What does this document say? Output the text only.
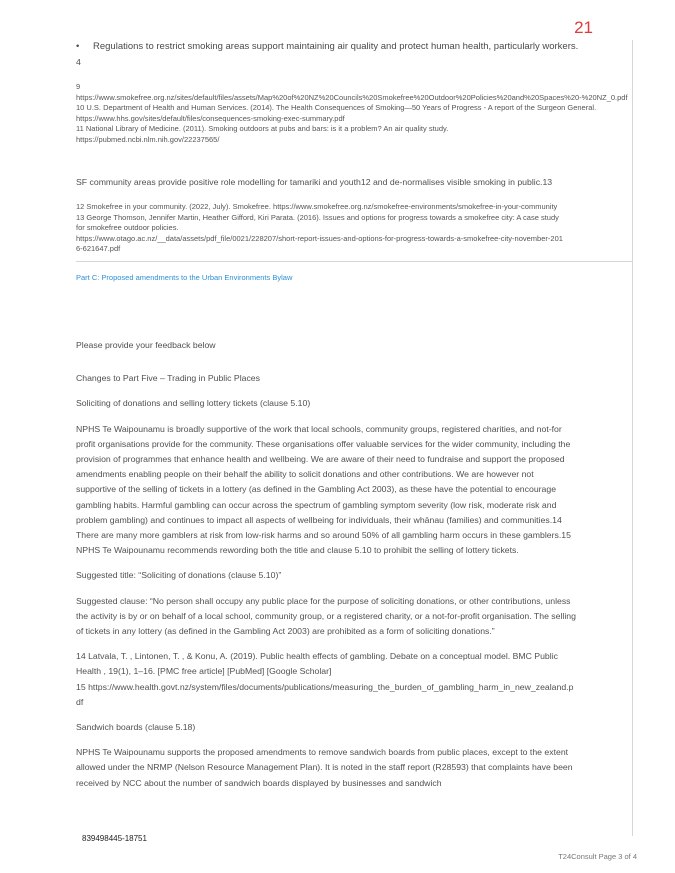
21
•	Regulations to restrict smoking areas support maintaining air quality and protect human health, particularly workers.
4

9

https://www.smokefree.org.nz/sites/default/files/assets/Map%20of%20NZ%20Councils%20Smokefree%20Outdoor%20Policies%20and%20Spaces%20-%20NZ_0.pdf

10 U.S. Department of Health and Human Services. (2014). The Health Consequences of Smoking—50 Years of Progress - A report of the Surgeon General. https://www.hhs.gov/sites/default/files/consequences-smoking-exec-summary.pdf

11 National Library of Medicine. (2011). Smoking outdoors at pubs and bars: is it a problem? An air quality study.

https://pubmed.ncbi.nlm.nih.gov/22237565/

SF community areas provide positive role modelling for tamariki and youth12 and de-normalises visible smoking in public.13

12 Smokefree in your community. (2022, July). Smokefree. https://www.smokefree.org.nz/smokefree-environments/smokefree-in-your-community

13 George Thomson, Jennifer Martin, Heather Gifford, Kiri Parata. (2016). Issues and options for progress towards a smokefree city: A case study for smokefree outdoor policies.

https://www.otago.ac.nz/__data/assets/pdf_file/0021/228207/short-report-issues-and-options-for-progress-towards-a-smokefree-city-november-2016-621647.pdf

Part C: Proposed amendments to the Urban Environments Bylaw
Please provide your feedback below
Changes to Part Five – Trading in Public Places
Soliciting of donations and selling lottery tickets (clause 5.10)
NPHS Te Waipounamu is broadly supportive of the work that local schools, community groups, registered charities, and not-for profit organisations provide for the community. These organisations offer valuable services for the wider community, including the provision of programmes that enhance health and wellbeing. We are aware of their need to fundraise and support the proposed amendments enabling people on their behalf the ability to solicit donations and other contributions. We are however not supportive of the selling of tickets in a lottery (as defined in the Gambling Act 2003), as these have the potential to encourage gambling habits. Harmful gambling can occur across the spectrum of gambling symptom severity (low risk, moderate risk and problem gambling) and continues to impact all aspects of wellbeing for individuals, their whānau (families) and communities.14 There are many more gamblers at risk from low-risk harms and so around 50% of all gambling harm occurs in these gamblers.15 NPHS Te Waipounamu recommends rewording both the title and clause 5.10 to prohibit the selling of lottery tickets.
Suggested title: “Soliciting of donations (clause 5.10)”
Suggested clause: “No person shall occupy any public place for the purpose of soliciting donations, or other contributions, unless the activity is by or on behalf of a local school, community group, or a registered charity, or a not-for-profit organisation. The selling of tickets in any lottery (as defined in the Gambling Act 2003) are prohibited as a form of soliciting donations.”

14 Latvala, T. , Lintonen, T. , & Konu, A. (2019). Public health effects of gambling. Debate on a conceptual model. BMC Public Health , 19(1), 1–16. [PMC free article] [PubMed] [Google Scholar]

15 https://www.health.govt.nz/system/files/documents/publications/measuring_the_burden_of_gambling_harm_in_new_zealand.pdf

Sandwich boards (clause 5.18)
NPHS Te Waipounamu supports the proposed amendments to remove sandwich boards from public places, except to the extent allowed under the NRMP (Nelson Resource Management Plan). It is noted in the staff report (R28593) that complaints have been received by NCC about the number of sandwich boards displayed by businesses and sandwich
839498445-18751
T24Consult Page 3 of 4
